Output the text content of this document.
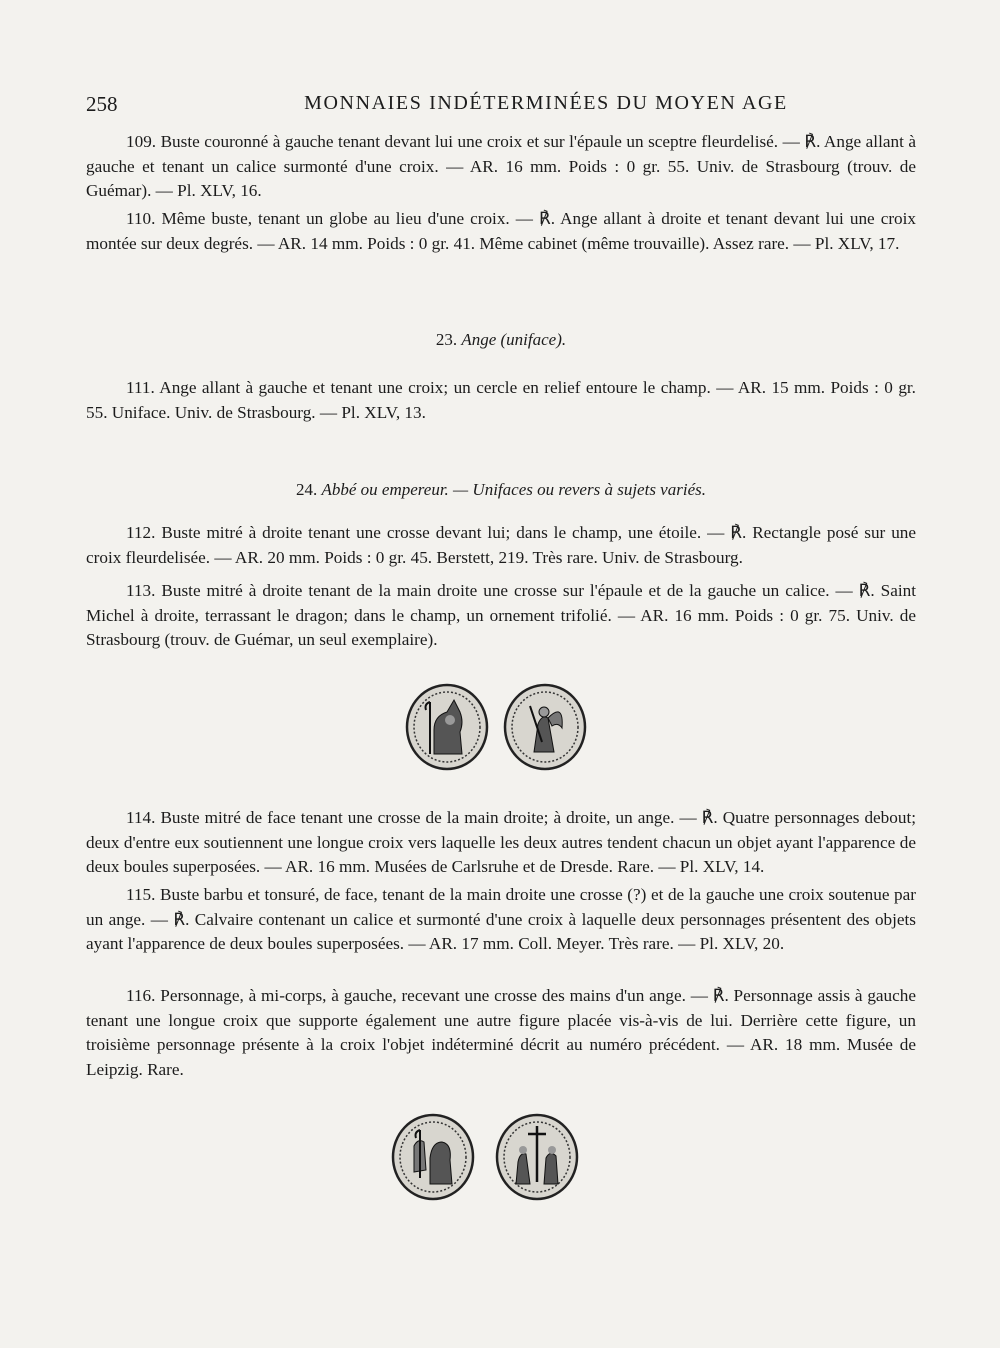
258	MONNAIES INDÉTERMINÉES DU MOYEN AGE
109. Buste couronné à gauche tenant devant lui une croix et sur l'épaule un sceptre fleurdelisé. — ℟. Ange allant à gauche et tenant un calice surmonté d'une croix. — AR. 16 mm. Poids : 0 gr. 55. Univ. de Strasbourg (trouv. de Guémar). — Pl. XLV, 16.
110. Même buste, tenant un globe au lieu d'une croix. — ℟. Ange allant à droite et tenant devant lui une croix montée sur deux degrés. — AR. 14 mm. Poids : 0 gr. 41. Même cabinet (même trouvaille). Assez rare. — Pl. XLV, 17.
23. Ange (uniface).
111. Ange allant à gauche et tenant une croix; un cercle en relief entoure le champ. — AR. 15 mm. Poids : 0 gr. 55. Uniface. Univ. de Strasbourg. — Pl. XLV, 13.
24. Abbé ou empereur. — Unifaces ou revers à sujets variés.
112. Buste mitré à droite tenant une crosse devant lui; dans le champ, une étoile. — ℟. Rectangle posé sur une croix fleurdelisée. — AR. 20 mm. Poids : 0 gr. 45. Berstett, 219. Très rare. Univ. de Strasbourg.
113. Buste mitré à droite tenant de la main droite une crosse sur l'épaule et de la gauche un calice. — ℟. Saint Michel à droite, terrassant le dragon; dans le champ, un ornement trifolié. — AR. 16 mm. Poids : 0 gr. 75. Univ. de Strasbourg (trouv. de Guémar, un seul exemplaire).
114. Buste mitré de face tenant une crosse de la main droite; à droite, un ange. — ℟. Quatre personnages debout; deux d'entre eux soutiennent une longue croix vers laquelle les deux autres tendent chacun un objet ayant l'apparence de deux boules superposées. — AR. 16 mm. Musées de Carlsruhe et de Dresde. Rare. — Pl. XLV, 14.
115. Buste barbu et tonsuré, de face, tenant de la main droite une crosse (?) et de la gauche une croix soutenue par un ange. — ℟. Calvaire contenant un calice et surmonté d'une croix à laquelle deux personnages présentent des objets ayant l'apparence de deux boules superposées. — AR. 17 mm. Coll. Meyer. Très rare. — Pl. XLV, 20.
116. Personnage, à mi-corps, à gauche, recevant une crosse des mains d'un ange. — ℟. Personnage assis à gauche tenant une longue croix que supporte également une autre figure placée vis-à-vis de lui. Derrière cette figure, un troisième personnage présente à la croix l'objet indéterminé décrit au numéro précédent. — AR. 18 mm. Musée de Leipzig. Rare.
